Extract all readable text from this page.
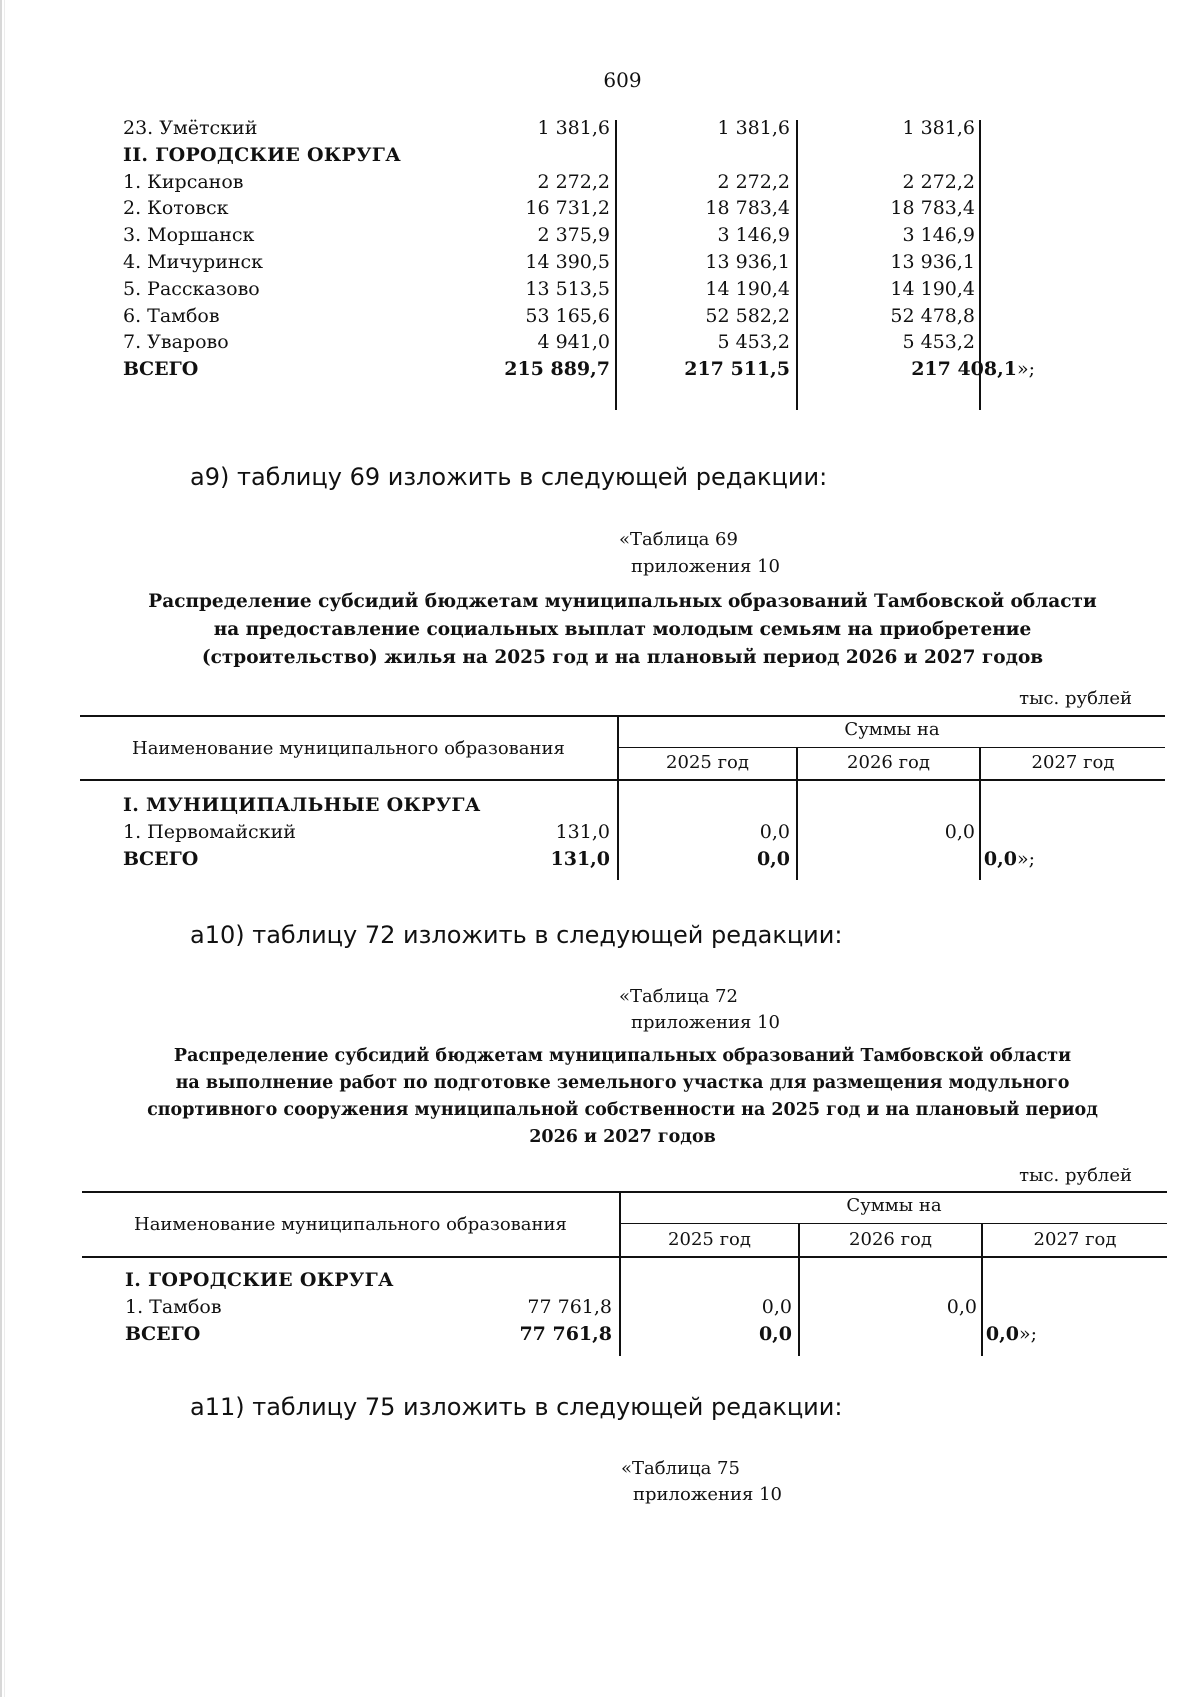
609
23. Умётский	1 381,6	1 381,6	1 381,6
II. ГОРОДСКИЕ ОКРУГА
1. Кирсанов	2 272,2	2 272,2	2 272,2
2. Котовск	16 731,2	18 783,4	18 783,4
3. Моршанск	2 375,9	3 146,9	3 146,9
4. Мичуринск	14 390,5	13 936,1	13 936,1
5. Рассказово	13 513,5	14 190,4	14 190,4
6. Тамбов	53 165,6	52 582,2	52 478,8
7. Уварово	4 941,0	5 453,2	5 453,2
ВСЕГО	215 889,7	217 511,5	217 408,1»;
а9) таблицу 69 изложить в следующей редакции:
«Таблица 69
приложения 10
Распределение субсидий бюджетам муниципальных образований Тамбовской области
на предоставление социальных выплат молодым семьям на приобретение
(строительство) жилья на 2025 год и на плановый период 2026 и 2027 годов
тыс. рублей
Наименование муниципального образования
Суммы на
2025 год	2026 год	2027 год
I. МУНИЦИПАЛЬНЫЕ ОКРУГА
1. Первомайский	131,0	0,0	0,0
ВСЕГО	131,0	0,0	0,0»;
а10) таблицу 72 изложить в следующей редакции:
«Таблица 72
приложения 10
Распределение субсидий бюджетам муниципальных образований Тамбовской области
на выполнение работ по подготовке земельного участка для размещения модульного
спортивного сооружения муниципальной собственности на 2025 год и на плановый период
2026 и 2027 годов
тыс. рублей
Наименование муниципального образования
Суммы на
2025 год	2026 год	2027 год
I. ГОРОДСКИЕ ОКРУГА
1. Тамбов	77 761,8	0,0	0,0
ВСЕГО	77 761,8	0,0	0,0»;
а11) таблицу 75 изложить в следующей редакции:
«Таблица 75
приложения 10
